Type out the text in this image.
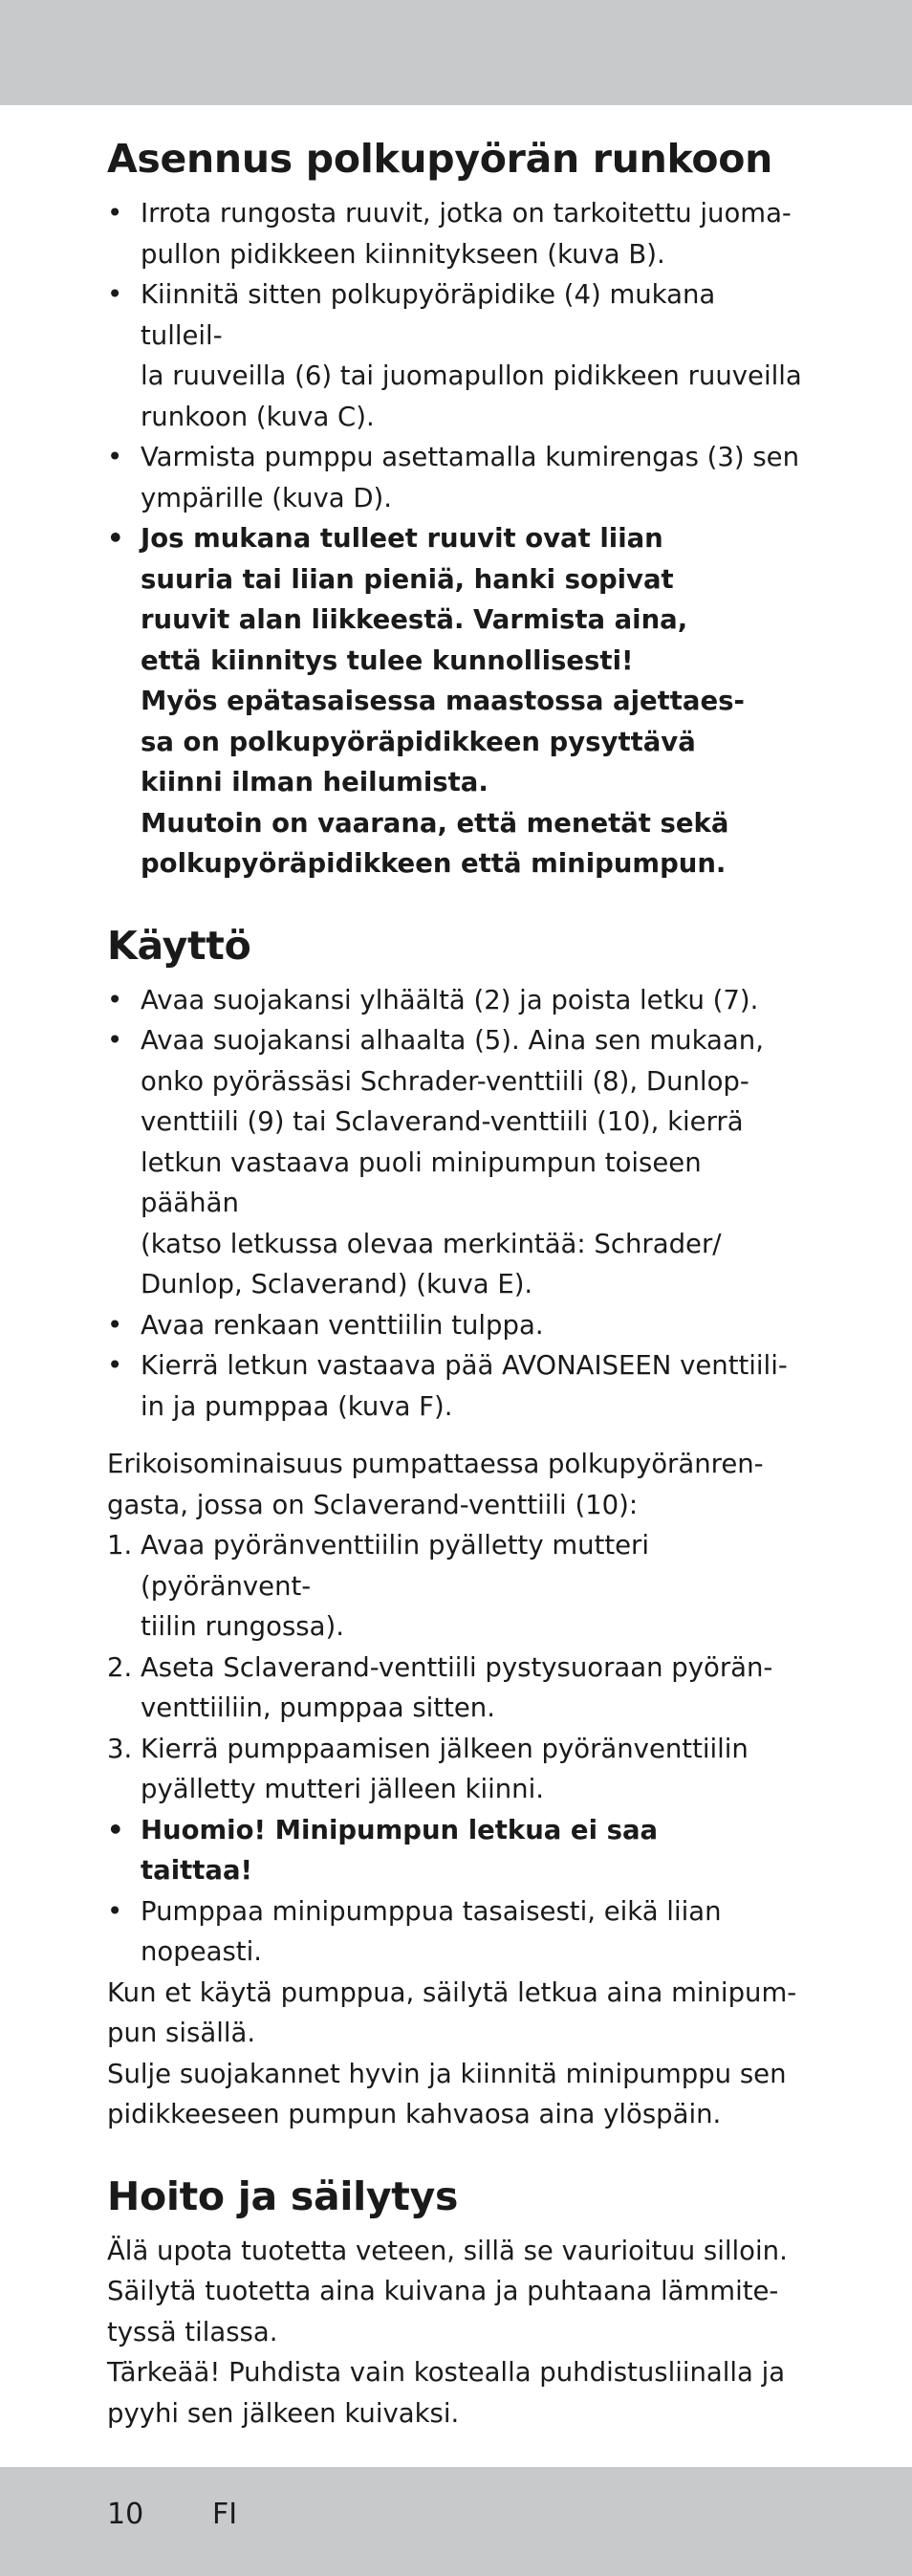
Asennus polkupyörän runkoon
• Irrota rungosta ruuvit, jotka on tarkoitettu juoma-
pullon pidikkeen kiinnitykseen (kuva B).
• Kiinnitä sitten polkupyöräpidike (4) mukana tulleil-
la ruuveilla (6) tai juomapullon pidikkeen ruuveilla
runkoon (kuva C).
• Varmista pumppu asettamalla kumirengas (3) sen
ympärille (kuva D).
• Jos mukana tulleet ruuvit ovat liian
suuria tai liian pieniä, hanki sopivat
ruuvit alan liikkeestä. Varmista aina,
että kiinnitys tulee kunnollisesti!
Myös epätasaisessa maastossa ajettaes-
sa on polkupyöräpidikkeen pysyttävä
kiinni ilman heilumista.
Muutoin on vaarana, että menetät sekä
polkupyöräpidikkeen että minipumpun.
Käyttö
• Avaa suojakansi ylhäältä (2) ja poista letku (7).
• Avaa suojakansi alhaalta (5). Aina sen mukaan,
onko pyörässäsi Schrader-venttiili (8), Dunlop-
venttiili (9) tai Sclaverand-venttiili (10), kierrä
letkun vastaava puoli minipumpun toiseen päähän
(katso letkussa olevaa merkintää: Schrader/
Dunlop, Sclaverand) (kuva E).
• Avaa renkaan venttiilin tulppa.
• Kierrä letkun vastaava pää AVONAISEEN venttiili-
in ja pumppaa (kuva F).

Erikoisominaisuus pumpattaessa polkupyöränren-
gasta, jossa on Sclaverand-venttiili (10):

1. Avaa pyöränventtiilin pyälletty mutteri (pyöränvent-
tiilin rungossa).
2. Aseta Sclaverand-venttiili pystysuoraan pyörän-
venttiiliin, pumppaa sitten.
3. Kierrä pumppaamisen jälkeen pyöränventtiilin
pyälletty mutteri jälleen kiinni.
• Huomio! Minipumpun letkua ei saa
taittaa!
• Pumppaa minipumppua tasaisesti, eikä liian
nopeasti.

Kun et käytä pumppua, säilytä letkua aina minipum-
pun sisällä.

Sulje suojakannet hyvin ja kiinnitä minipumppu sen
pidikkeeseen pumpun kahvaosa aina ylöspäin.

Hoito ja säilytys

Älä upota tuotetta veteen, sillä se vaurioituu silloin.
Säilytä tuotetta aina kuivana ja puhtaana lämmite-
tyssä tilassa.

Tärkeää! Puhdista vain kostealla puhdistusliinalla ja
pyyhi sen jälkeen kuivaksi.

10 FI
